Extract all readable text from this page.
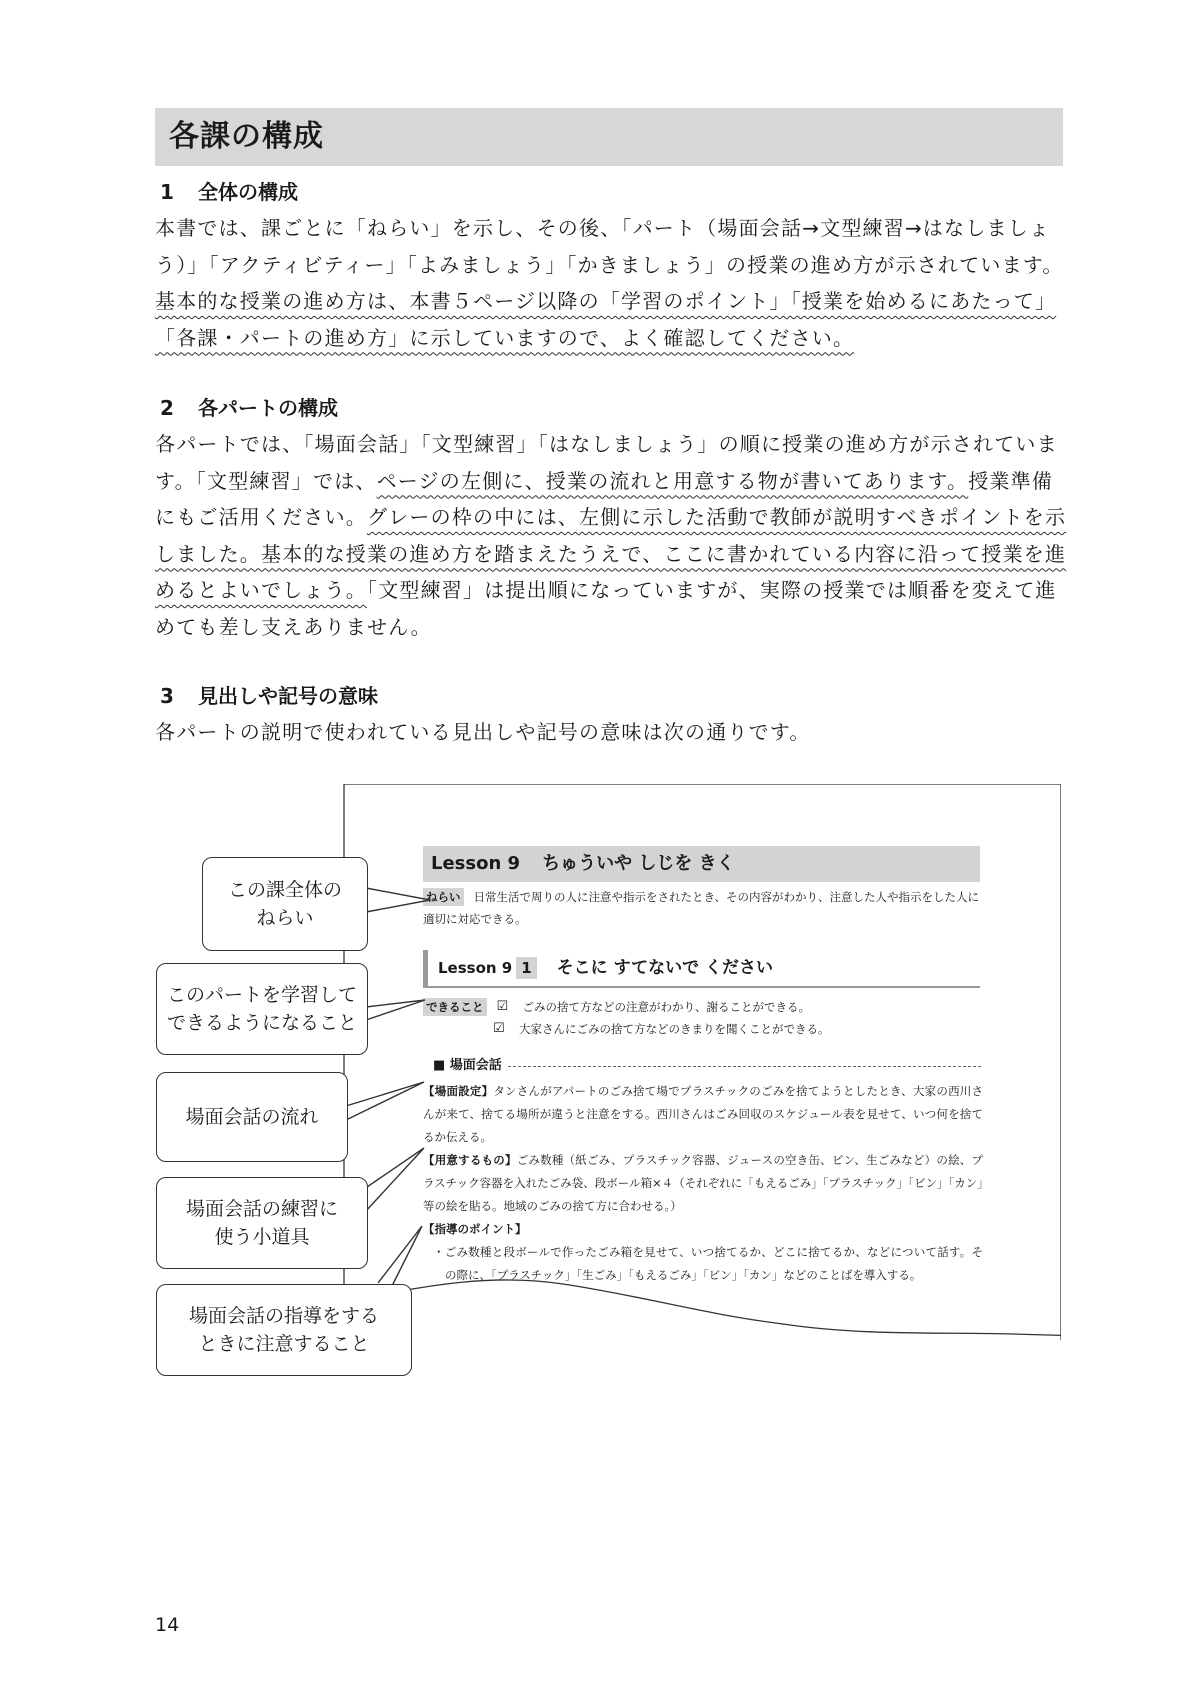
各課の構成
1 全体の構成
本書では、課ごとに「ねらい」を示し、その後、「パート（場面会話→文型練習→はなしましょ
う）」「アクティビティー」「よみましょう」「かきましょう」の授業の進め方が示されています。
基本的な授業の進め方は、本書５ページ以降の「学習のポイント」「授業を始めるにあたって」
「各課・パートの進め方」に示していますので、よく確認してください。
2 各パートの構成
各パートでは、「場面会話」「文型練習」「はなしましょう」の順に授業の進め方が示されていま
す。「文型練習」では、ページの左側に、授業の流れと用意する物が書いてあります。授業準備
にもご活用ください。グレーの枠の中には、左側に示した活動で教師が説明すべきポイントを示
しました。基本的な授業の進め方を踏まえたうえで、ここに書かれている内容に沿って授業を進
めるとよいでしょう。「文型練習」は提出順になっていますが、実際の授業では順番を変えて進
めても差し支えありません。
3 見出しや記号の意味
各パートの説明で使われている見出しや記号の意味は次の通りです。
Lesson 9 ちゅういや しじを きく
ねらい 日常生活で周りの人に注意や指示をされたとき、その内容がわかり、注意した人や指示をした人に適切に対応できる。
Lesson 9 1 そこに すてないで ください
できること ☑ ごみの捨て方などの注意がわかり、謝ることができる。
☑ 大家さんにごみの捨て方などのきまりを聞くことができる。
■ 場面会話

【場面設定】タンさんがアパートのごみ捨て場でプラスチックのごみを捨てようとしたとき、大家の西川さんが来て、捨てる場所が違うと注意をする。西川さんはごみ回収のスケジュール表を見せて、いつ何を捨てるか伝える。

【用意するもの】ごみ数種（紙ごみ、プラスチック容器、ジュースの空き缶、ビン、生ごみなど）の絵、プラスチック容器を入れたごみ袋、段ボール箱×４（それぞれに「もえるごみ」「プラスチック」「ビン」「カン」等の絵を貼る。地域のごみの捨て方に合わせる。）

【指導のポイント】

・ごみ数種と段ボールで作ったごみ箱を見せて、いつ捨てるか、どこに捨てるか、などについて話す。その際に、「プラスチック」「生ごみ」「もえるごみ」「ビン」「カン」などのことばを導入する。

この課全体の
ねらい
このパートを学習して
できるようになること
場面会話の流れ
場面会話の練習に
使う小道具
場面会話の指導をする
ときに注意すること
14
